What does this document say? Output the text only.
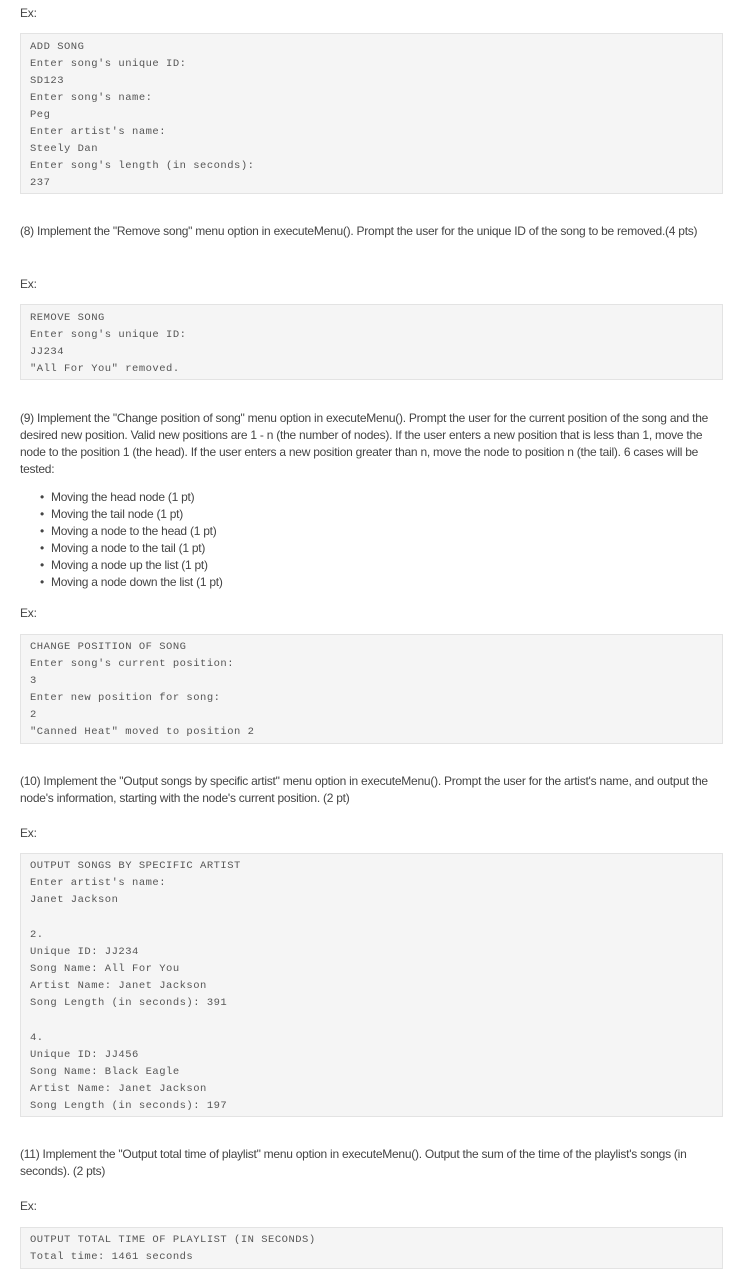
Ex:
ADD SONG
Enter song's unique ID:
SD123
Enter song's name:
Peg
Enter artist's name:
Steely Dan
Enter song's length (in seconds):
237
(8) Implement the "Remove song" menu option in executeMenu(). Prompt the user for the unique ID of the song to be removed.(4 pts)
Ex:
REMOVE SONG
Enter song's unique ID:
JJ234
"All For You" removed.
(9) Implement the "Change position of song" menu option in executeMenu(). Prompt the user for the current position of the song and the desired new position. Valid new positions are 1 - n (the number of nodes). If the user enters a new position that is less than 1, move the node to the position 1 (the head). If the user enters a new position greater than n, move the node to position n (the tail). 6 cases will be tested:
• Moving the head node (1 pt)
• Moving the tail node (1 pt)
• Moving a node to the head (1 pt)
• Moving a node to the tail (1 pt)
• Moving a node up the list (1 pt)
• Moving a node down the list (1 pt)
Ex:
CHANGE POSITION OF SONG
Enter song's current position:
3
Enter new position for song:
2
"Canned Heat" moved to position 2
(10) Implement the "Output songs by specific artist" menu option in executeMenu(). Prompt the user for the artist's name, and output the node's information, starting with the node's current position. (2 pt)
Ex:
OUTPUT SONGS BY SPECIFIC ARTIST
Enter artist's name:
Janet Jackson
2.
Unique ID: JJ234
Song Name: All For You
Artist Name: Janet Jackson
Song Length (in seconds): 391
4.
Unique ID: JJ456
Song Name: Black Eagle
Artist Name: Janet Jackson
Song Length (in seconds): 197
(11) Implement the "Output total time of playlist" menu option in executeMenu(). Output the sum of the time of the playlist's songs (in seconds). (2 pts)
Ex:
OUTPUT TOTAL TIME OF PLAYLIST (IN SECONDS)
Total time: 1461 seconds
